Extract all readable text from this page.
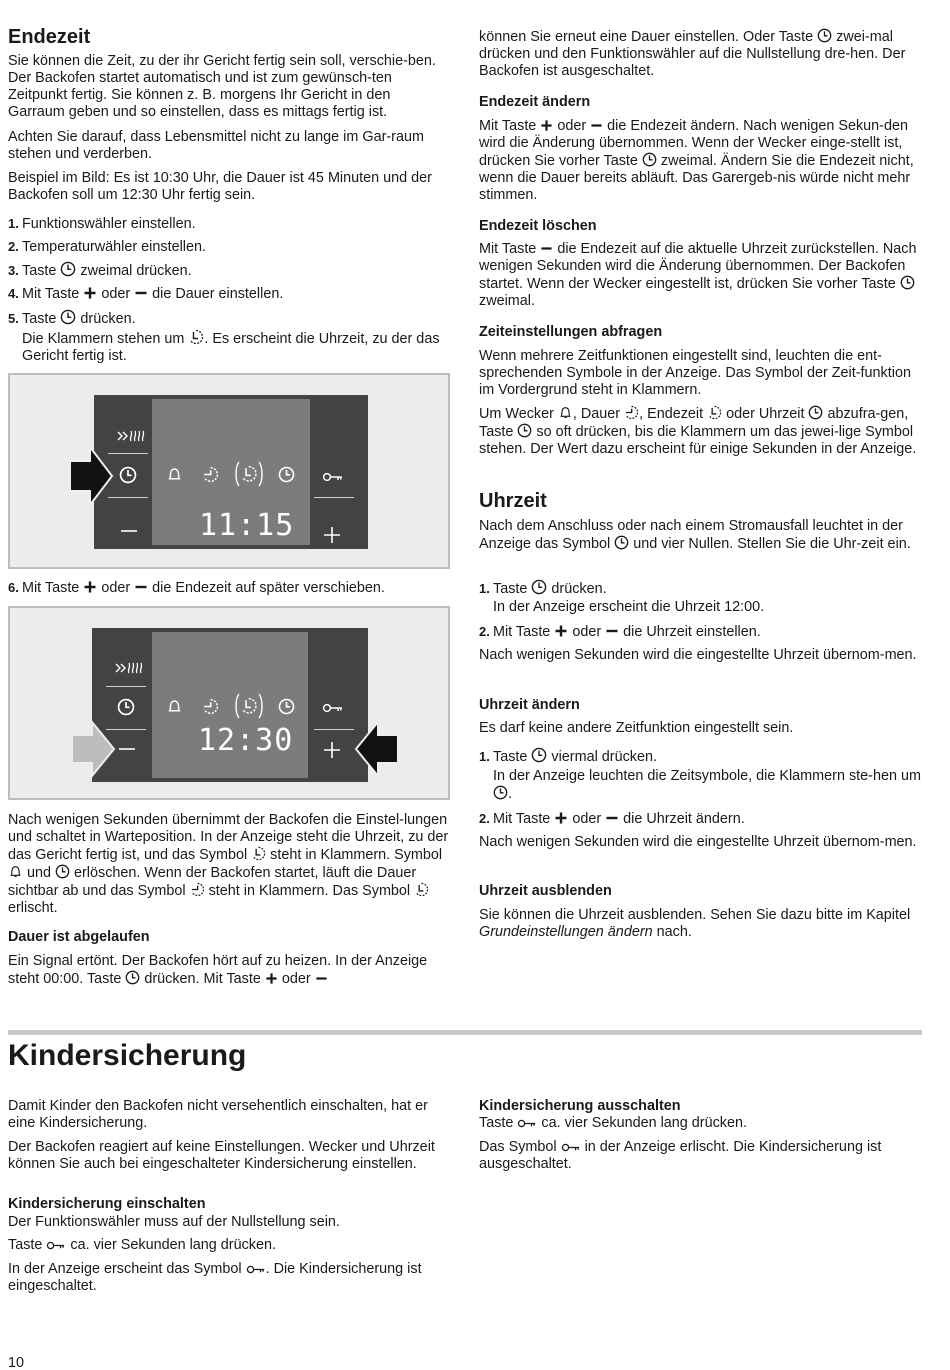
Endezeit

Sie können die Zeit, zu der ihr Gericht fertig sein soll, verschie-ben. Der Backofen startet automatisch und ist zum gewünsch-ten Zeitpunkt fertig. Sie können z. B. morgens Ihr Gericht in den Garraum geben und so einstellen, dass es mittags fertig ist.

Achten Sie darauf, dass Lebensmittel nicht zu lange im Gar-raum stehen und verderben.

Beispiel im Bild: Es ist 10:30 Uhr, die Dauer ist 45 Minuten und der Backofen soll um 12:30 Uhr fertig sein.

1. Funktionswähler einstellen.
2. Temperaturwähler einstellen.
3. Taste zweimal drücken.
4. Mit Taste oder die Dauer einstellen.
5. Taste drücken.
Die Klammern stehen um . Es erscheint die Uhrzeit, zu der das Gericht fertig ist.
6. Mit Taste oder die Endezeit auf später verschieben.

Nach wenigen Sekunden übernimmt der Backofen die Einstel-lungen und schaltet in Warteposition. In der Anzeige steht die Uhrzeit, zu der das Gericht fertig ist, und das Symbol steht in Klammern. Symbol
und erlöschen. Wenn der Backofen startet, läuft die Dauer sichtbar ab und das Symbol steht in Klammern. Das Symbol
erlischt.

Dauer ist abgelaufen

Ein Signal ertönt. Der Backofen hört auf zu heizen. In der Anzeige steht 00:00. Taste drücken. Mit Taste oder

11:15
12:30

können Sie erneut eine Dauer einstellen. Oder Taste zwei-mal drücken und den Funktionswähler auf die Nullstellung dre-hen. Der Backofen ist ausgeschaltet.

Endezeit ändern

Mit Taste oder die Endezeit ändern. Nach wenigen Sekun-den wird die Änderung übernommen. Wenn der Wecker einge-stellt ist, drücken Sie vorher Taste zweimal. Ändern Sie die Endezeit nicht, wenn die Dauer bereits abläuft. Das Garergeb-nis würde nicht mehr stimmen.

Endezeit löschen

Mit Taste die Endezeit auf die aktuelle Uhrzeit zurückstellen. Nach wenigen Sekunden wird die Änderung übernommen. Der Backofen startet. Wenn der Wecker eingestellt ist, drücken Sie vorher Taste
zweimal.

Zeiteinstellungen abfragen

Wenn mehrere Zeitfunktionen eingestellt sind, leuchten die ent-sprechenden Symbole in der Anzeige. Das Symbol der Zeit-funktion im Vordergrund steht in Klammern.

Um Wecker , Dauer , Endezeit oder Uhrzeit abzufra-gen, Taste so oft drücken, bis die Klammern um das jewei-lige Symbol stehen. Der Wert dazu erscheint für einige Sekunden in der Anzeige.

Uhrzeit

Nach dem Anschluss oder nach einem Stromausfall leuchtet in der Anzeige das Symbol und vier Nullen. Stellen Sie die Uhr-zeit ein.

1. Taste drücken.
In der Anzeige erscheint die Uhrzeit 12:00.
2. Mit Taste oder die Uhrzeit einstellen.

Nach wenigen Sekunden wird die eingestellte Uhrzeit übernom-men.

Uhrzeit ändern

Es darf keine andere Zeitfunktion eingestellt sein.

1. Taste viermal drücken.
In der Anzeige leuchten die Zeitsymbole, die Klammern ste-hen um
.
2. Mit Taste oder die Uhrzeit ändern.

Nach wenigen Sekunden wird die eingestellte Uhrzeit übernom-men.

Uhrzeit ausblenden

Sie können die Uhrzeit ausblenden. Sehen Sie dazu bitte im Kapitel Grundeinstellungen ändern nach.

Kindersicherung

Damit Kinder den Backofen nicht versehentlich einschalten, hat er eine Kindersicherung.

Der Backofen reagiert auf keine Einstellungen. Wecker und Uhrzeit können Sie auch bei eingeschalteter Kindersicherung einstellen.

Kindersicherung einschalten

Der Funktionswähler muss auf der Nullstellung sein.

Taste ca. vier Sekunden lang drücken.

In der Anzeige erscheint das Symbol . Die Kindersicherung ist eingeschaltet.

Kindersicherung ausschalten

Taste ca. vier Sekunden lang drücken.

Das Symbol in der Anzeige erlischt. Die Kindersicherung ist ausgeschaltet.

10
